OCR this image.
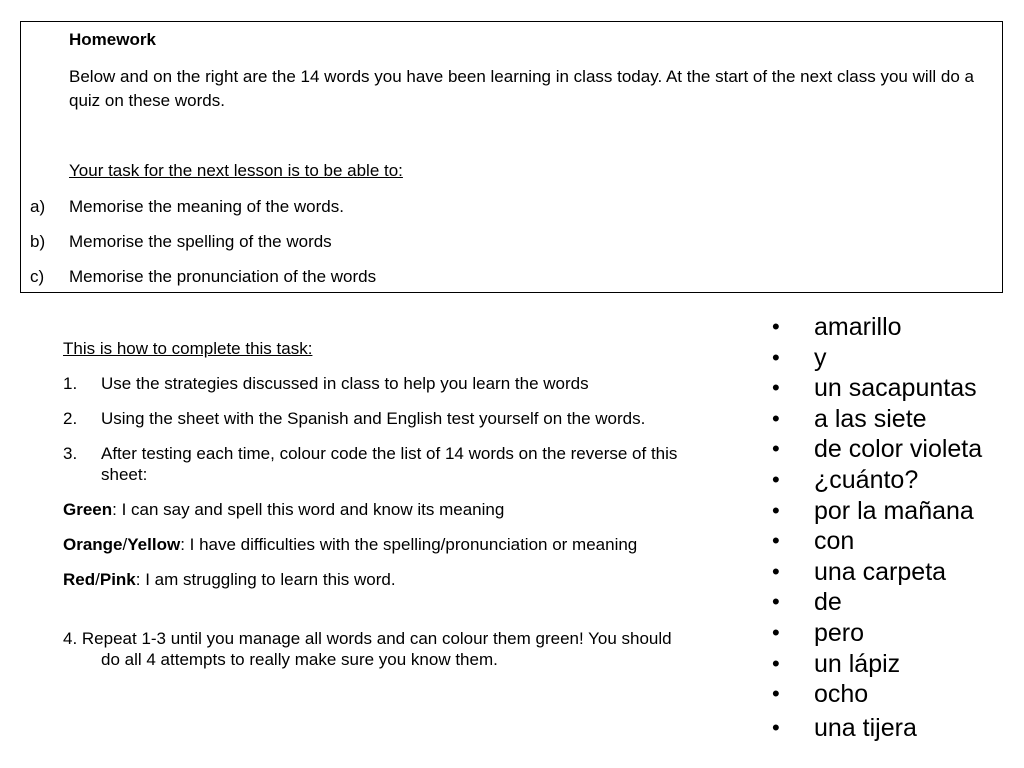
Homework
Below and on the right are the 14 words you have been learning in class today. At the start of the next class you will do a quiz on these words.
Your task for the next lesson is to be able to:
a) Memorise the meaning of the words.
b) Memorise the spelling of the words
c) Memorise the pronunciation of the words
This is how to complete this task:
1. Use the strategies discussed in class to help you learn the words
2. Using the sheet with the Spanish and English test yourself on the words.
3. After testing each time, colour code the list of 14 words on the reverse of this sheet:
Green: I can say and spell this word and know its meaning
Orange/Yellow: I have difficulties with the spelling/pronunciation or meaning
Red/Pink: I am struggling to learn this word.
4. Repeat 1-3 until you manage all words and can colour them green! You should do all 4 attempts to really make sure you know them.
• amarillo
• y
• un sacapuntas
• a las siete
• de color violeta
• ¿cuánto?
• por la mañana
• con
• una carpeta
• de
• pero
• un lápiz
• ocho
• una tijera
